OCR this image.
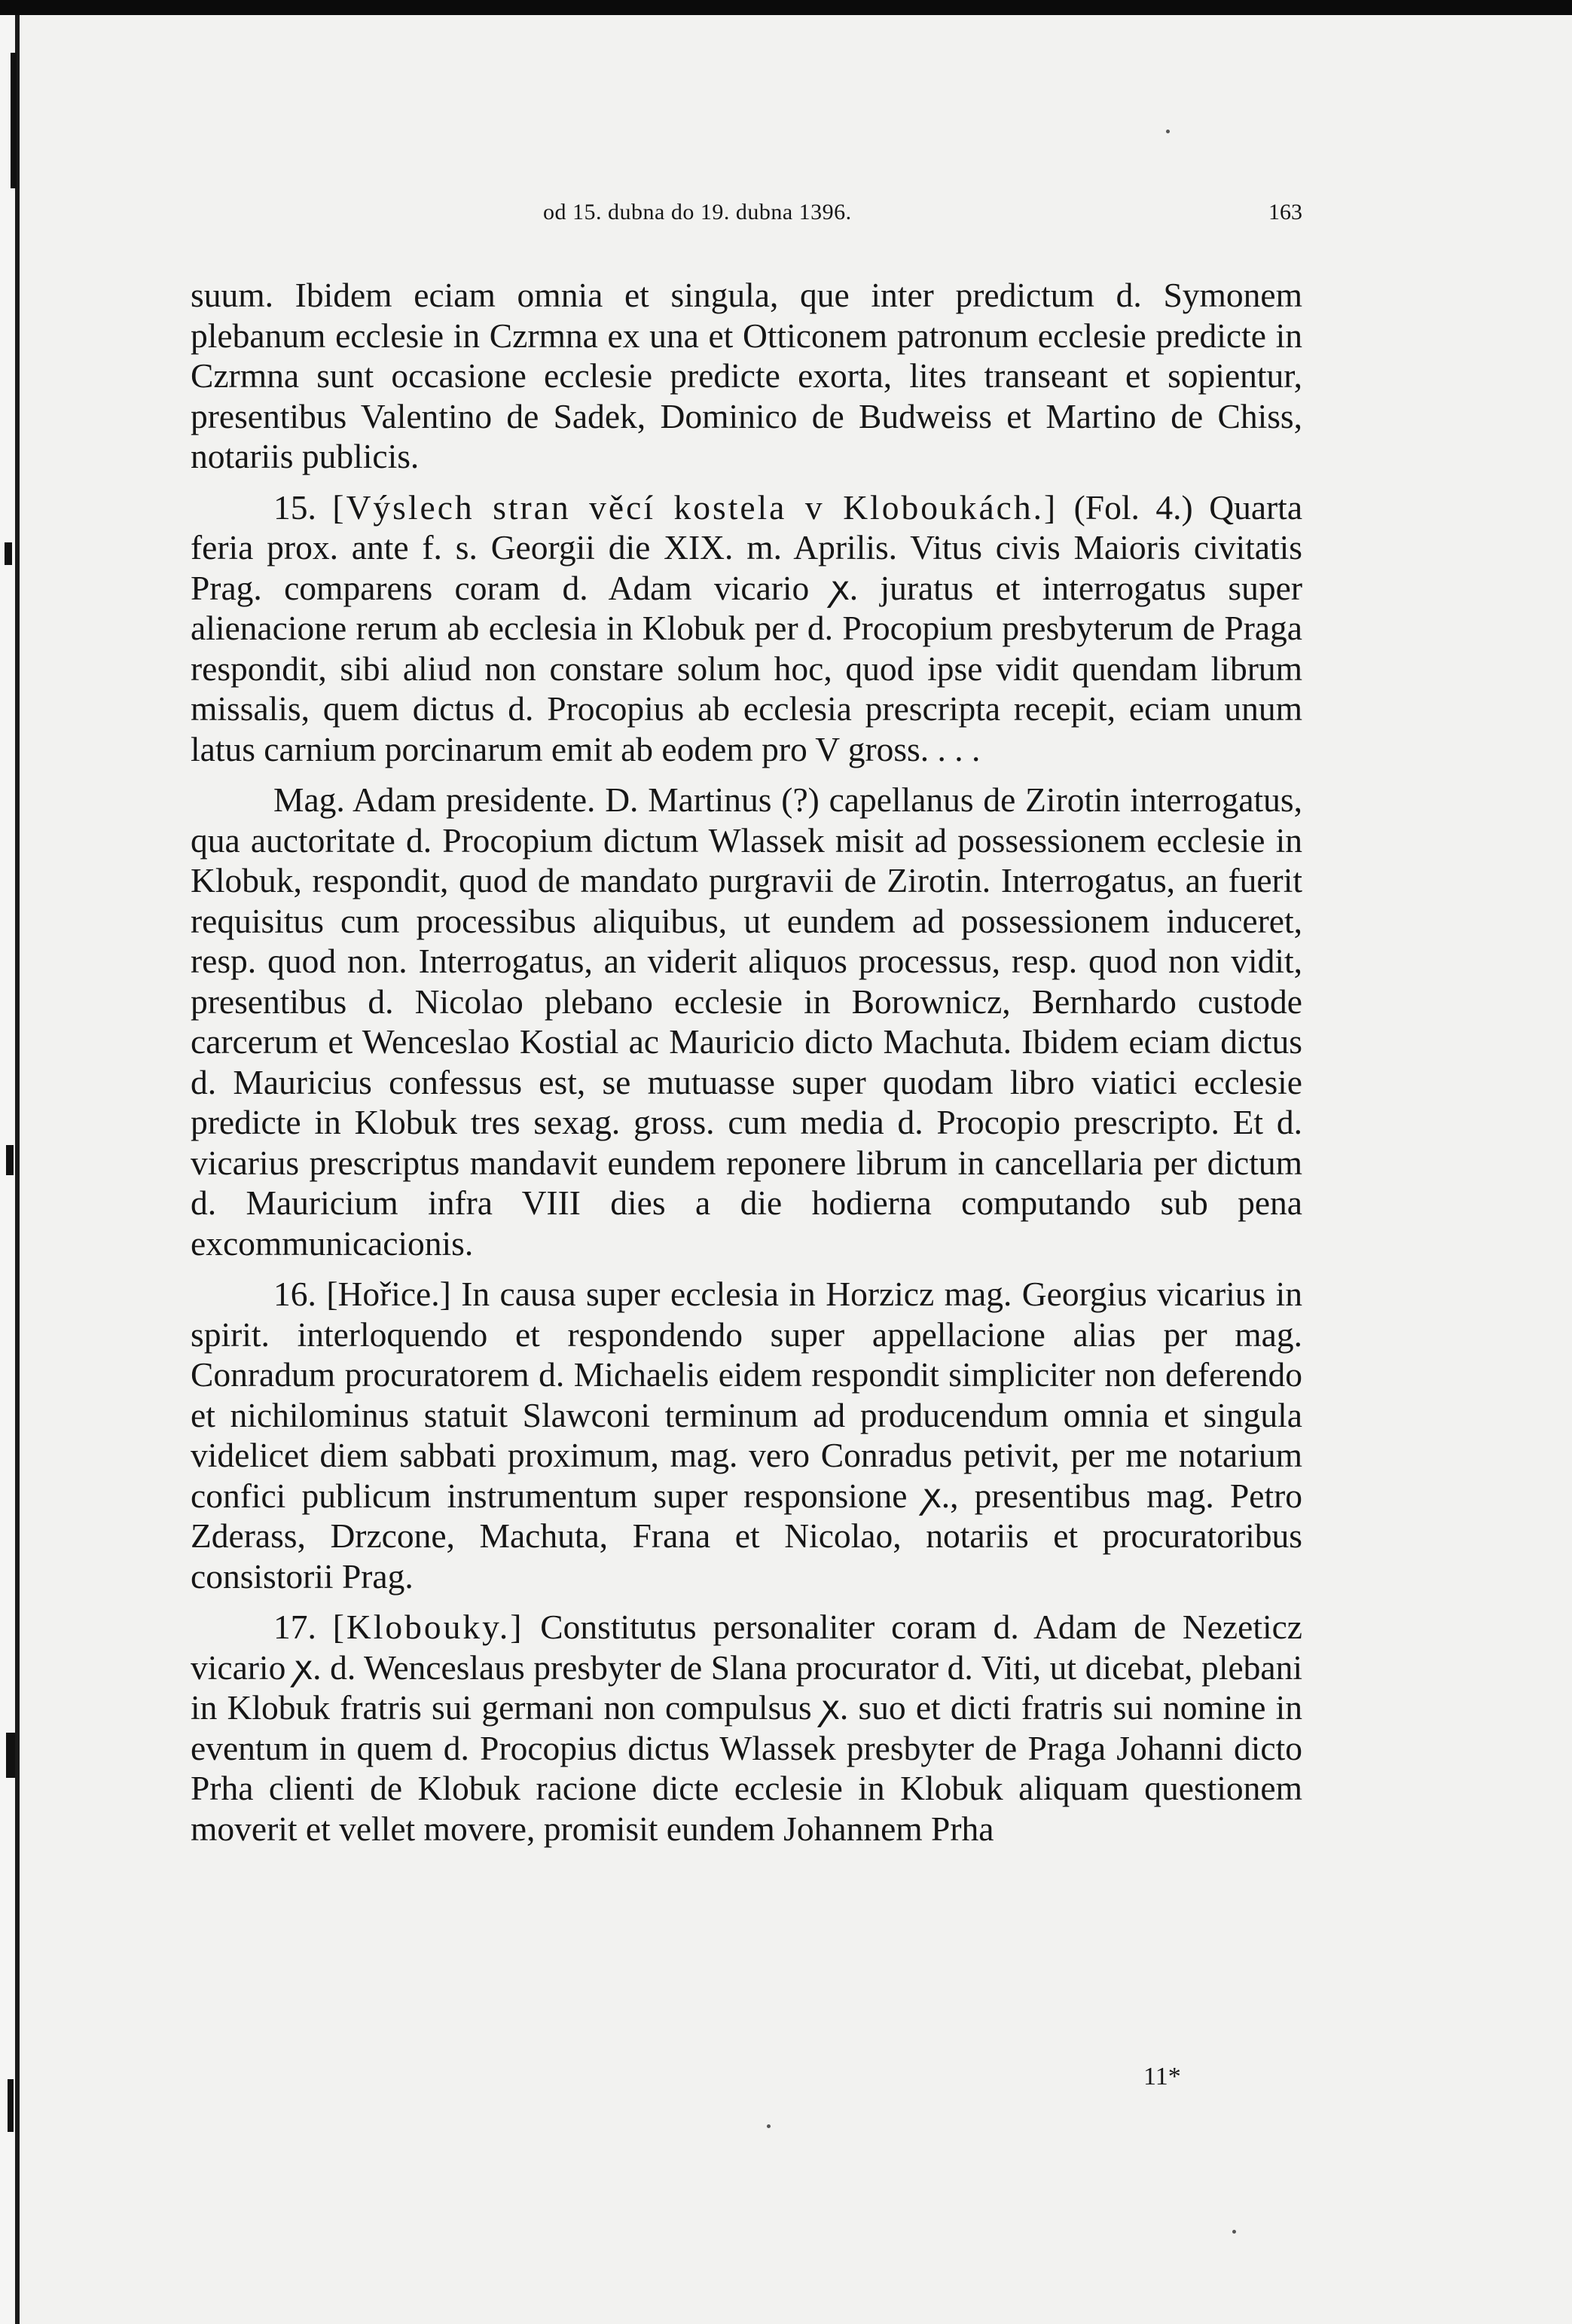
od 15. dubna do 19. dubna 1396.	163

suum. Ibidem eciam omnia et singula, que inter predictum d. Symonem plebanum ecclesie in Czrmna ex una et Otticonem patronum ecclesie predicte in Czrmna sunt occasione ecclesie predicte exorta, lites transeant et sopientur, presentibus Valentino de Sadek, Dominico de Budweiss et Martino de Chiss, notariis publicis.

15. [Výslech stran věcí kostela v Kloboukách.] (Fol. 4.) Quarta feria prox. ante f. s. Georgii die XIX. m. Aprilis. Vitus civis Maioris civitatis Prag. comparens coram d. Adam vicario ꭗ. juratus et interrogatus super alienacione rerum ab ecclesia in Klobuk per d. Procopium presbyterum de Praga respondit, sibi aliud non constare solum hoc, quod ipse vidit quendam librum missalis, quem dictus d. Procopius ab ecclesia prescripta recepit, eciam unum latus carnium porcinarum emit ab eodem pro V gross. . . .

Mag. Adam presidente. D. Martinus (?) capellanus de Zirotin interrogatus, qua auctoritate d. Procopium dictum Wlassek misit ad possessionem ecclesie in Klobuk, respondit, quod de mandato purgravii de Zirotin. Interrogatus, an fuerit requisitus cum processibus aliquibus, ut eundem ad possessionem induceret, resp. quod non. Interrogatus, an viderit aliquos processus, resp. quod non vidit, presentibus d. Nicolao plebano ecclesie in Borownicz, Bernhardo custode carcerum et Wenceslao Kostial ac Mauricio dicto Machuta. Ibidem eciam dictus d. Mauricius confessus est, se mutuasse super quodam libro viatici ecclesie predicte in Klobuk tres sexag. gross. cum media d. Procopio prescripto. Et d. vicarius prescriptus mandavit eundem reponere librum in cancellaria per dictum d. Mauricium infra VIII dies a die hodierna computando sub pena excommunicacionis.

16. [Hořice.] In causa super ecclesia in Horzicz mag. Georgius vicarius in spirit. interloquendo et respondendo super appellacione alias per mag. Conradum procuratorem d. Michaelis eidem respondit simpliciter non deferendo et nichilominus statuit Slawconi terminum ad producendum omnia et singula videlicet diem sabbati proximum, mag. vero Conradus petivit, per me notarium confici publicum instrumentum super responsione ꭗ., presentibus mag. Petro Zderass, Drzcone, Machuta, Frana et Nicolao, notariis et procuratoribus consistorii Prag.

17. [Klobouky.] Constitutus personaliter coram d. Adam de Nezeticz vicario ꭗ. d. Wenceslaus presbyter de Slana procurator d. Viti, ut dicebat, plebani in Klobuk fratris sui germani non compulsus ꭗ. suo et dicti fratris sui nomine in eventum in quem d. Procopius dictus Wlassek presbyter de Praga Johanni dicto Prha clienti de Klobuk racione dicte ecclesie in Klobuk aliquam questionem moverit et vellet movere, promisit eundem Johannem Prha

11*
